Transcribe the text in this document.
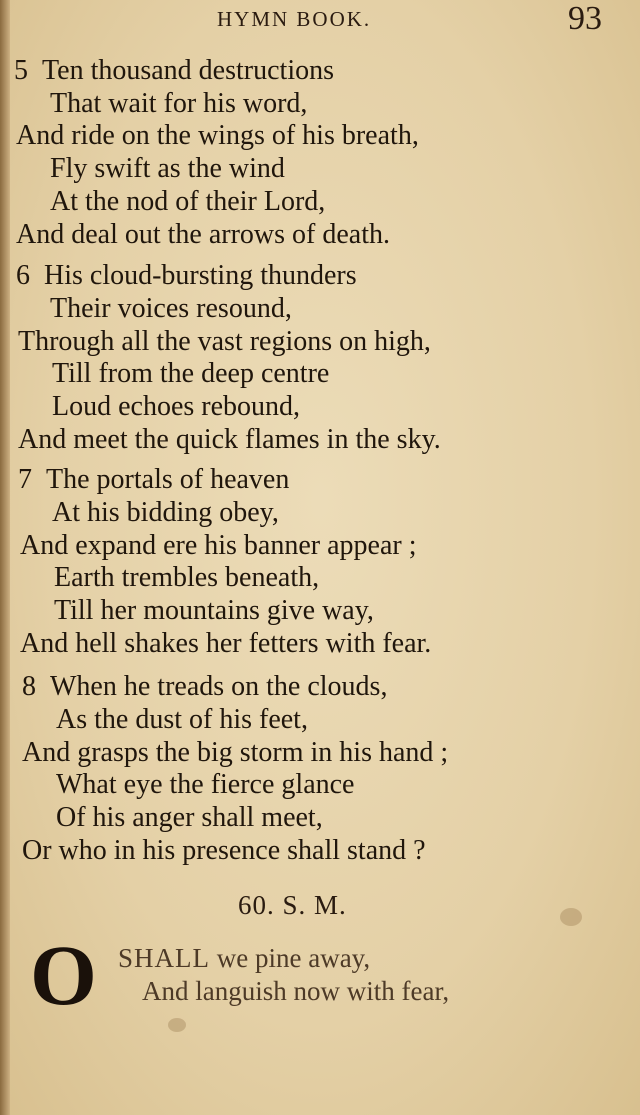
HYMN BOOK.	93
5 Ten thousand destructions
That wait for his word,
And ride on the wings of his breath,
Fly swift as the wind
At the nod of their Lord,
And deal out the arrows of death.
6 His cloud-bursting thunders
Their voices resound,
Through all the vast regions on high,
Till from the deep centre
Loud echoes rebound,
And meet the quick flames in the sky.
7 The portals of heaven
At his bidding obey,
And expand ere his banner appear ;
Earth trembles beneath,
Till her mountains give way,
And hell shakes her fetters with fear.
8 When he treads on the clouds,
As the dust of his feet,
And grasps the big storm in his hand ;
What eye the fierce glance
Of his anger shall meet,
Or who in his presence shall stand ?
60. S. M.
O SHALL we pine away,
And languish now with fear,
